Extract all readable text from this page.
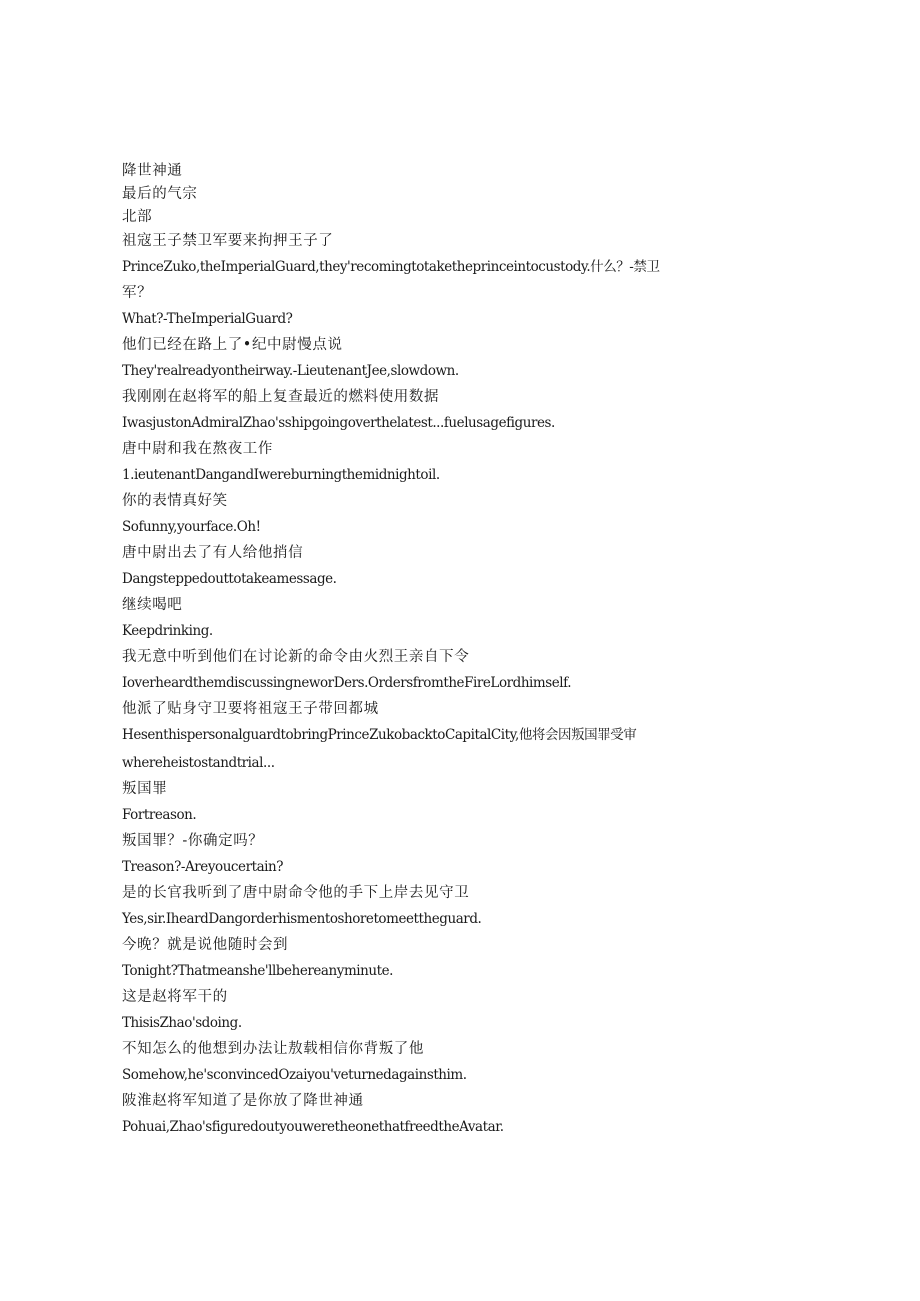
降世神通
最后的气宗
北部
祖寇王子禁卫军要来拘押王子了
PrinceZuko,theImperialGuard,they'recomingtotaketheprinceintocustody.什么？-禁卫
军？
What?-TheImperialGuard?
他们已经在路上了•纪中尉慢点说
They'realreadyontheirway.-LieutenantJee,slowdown.
我刚刚在赵将军的船上复查最近的燃料使用数据
IwasjustonAdmiralZhao'sshipgoingoverthelatest...fuelusagefigures.
唐中尉和我在熬夜工作
1.ieutenantDangandIwereburningthemidnightoil.
你的表情真好笑
Sofunny,yourface.Oh!
唐中尉出去了有人给他捎信
Dangsteppedouttotakeamessage.
继续喝吧
Keepdrinking.
我无意中听到他们在讨论新的命令由火烈王亲自下令
IoverheardthemdiscussingneworDers.OrdersfromtheFireLordhimself.
他派了贴身守卫要将祖寇王子带回都城
HesenthispersonalguardtobringPrinceZukobacktoCapitalCity,他将会因叛国罪受审
whereheistostandtrial...
叛国罪
Fortreason.
叛国罪？-你确定吗？
Treason?-Areyoucertain?
是的长官我听到了唐中尉命令他的手下上岸去见守卫
Yes,sir.IheardDangorderhismentoshoretomeettheguard.
今晚？就是说他随时会到
Tonight?Thatmeanshe'llbehereanyminute.
这是赵将军干的
ThisisZhao'sdoing.
不知怎么的他想到办法让敖载相信你背叛了他
Somehow,he'sconvincedOzaiyou'veturnedagainsthim.
陂淮赵将军知道了是你放了降世神通
Pohuai,Zhao'sfiguredoutyouweretheonethatfreedtheAvatar.
